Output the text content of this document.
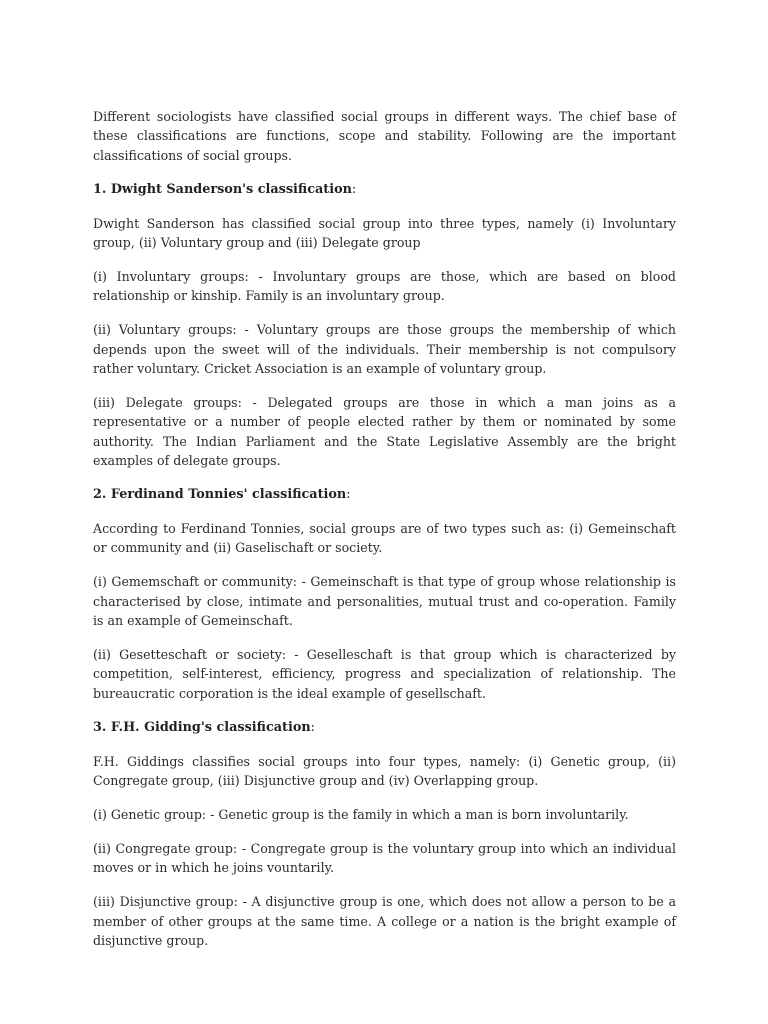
Different sociologists have classified social groups in different ways. The chief base of these classifications are functions, scope and stability. Following are the important classifications of social groups.

1. Dwight Sanderson's classification:

Dwight Sanderson has classified social group into three types, namely (i) Involuntary group, (ii) Voluntary group and (iii) Delegate group

(i) Involuntary groups: - Involuntary groups are those, which are based on blood relationship or kinship. Family is an involuntary group.

(ii) Voluntary groups: - Voluntary groups are those groups the membership of which depends upon the sweet will of the individuals. Their membership is not compulsory rather voluntary. Cricket Association is an example of voluntary group.

(iii) Delegate groups: - Delegated groups are those in which a man joins as a representative or a number of people elected rather by them or nominated by some authority. The Indian Parliament and the State Legislative Assembly are the bright examples of delegate groups.

2. Ferdinand Tonnies' classification:

According to Ferdinand Tonnies, social groups are of two types such as: (i) Gemeinschaft or community and (ii) Gaselischaft or society.

(i) Gememschaft or community: - Gemeinschaft is that type of group whose relationship is characterised by close, intimate and personalities, mutual trust and co-operation. Family is an example of Gemeinschaft.

(ii) Gesetteschaft or society: - Geselleschaft is that group which is characterized by competition, self-interest, efficiency, progress and specialization of relationship. The bureaucratic corporation is the ideal example of gesellschaft.

3. F.H. Gidding's classification:

F.H. Giddings classifies social groups into four types, namely: (i) Genetic group, (ii) Congregate group, (iii) Disjunctive group and (iv) Overlapping group.

(i) Genetic group: - Genetic group is the family in which a man is born involuntarily.

(ii) Congregate group: - Congregate group is the voluntary group into which an individual moves or in which he joins vountarily.

(iii) Disjunctive group: - A disjunctive group is one, which does not allow a person to be a member of other groups at the same time. A college or a nation is the bright example of disjunctive group.
